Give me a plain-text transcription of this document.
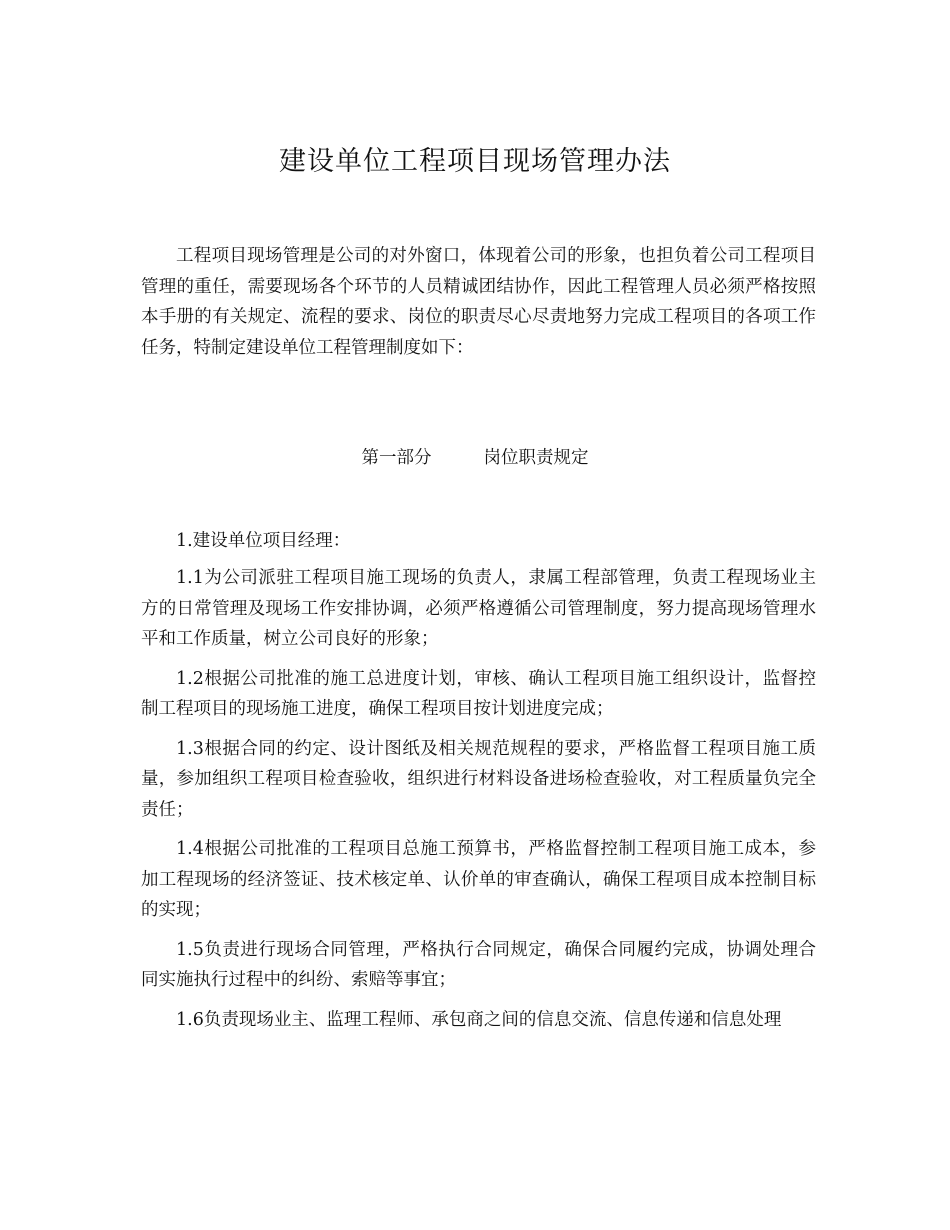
建设单位工程项目现场管理办法

工程项目现场管理是公司的对外窗口，体现着公司的形象，也担负着公司工程项目管理的重任，需要现场各个环节的人员精诚团结协作，因此工程管理人员必须严格按照本手册的有关规定、流程的要求、岗位的职责尽心尽责地努力完成工程项目的各项工作任务，特制定建设单位工程管理制度如下：

第一部分	岗位职责规定

1.建设单位项目经理：

1.1为公司派驻工程项目施工现场的负责人，隶属工程部管理，负责工程现场业主方的日常管理及现场工作安排协调，必须严格遵循公司管理制度，努力提高现场管理水平和工作质量，树立公司良好的形象；
1.2根据公司批准的施工总进度计划，审核、确认工程项目施工组织设计，监督控制工程项目的现场施工进度，确保工程项目按计划进度完成；
1.3根据合同的约定、设计图纸及相关规范规程的要求，严格监督工程项目施工质量，参加组织工程项目检查验收，组织进行材料设备进场检查验收，对工程质量负完全责任；
1.4根据公司批准的工程项目总施工预算书，严格监督控制工程项目施工成本，参加工程现场的经济签证、技术核定单、认价单的审查确认，确保工程项目成本控制目标的实现；
1.5负责进行现场合同管理，严格执行合同规定，确保合同履约完成，协调处理合同实施执行过程中的纠纷、索赔等事宜；
1.6负责现场业主、监理工程师、承包商之间的信息交流、信息传递和信息处理
